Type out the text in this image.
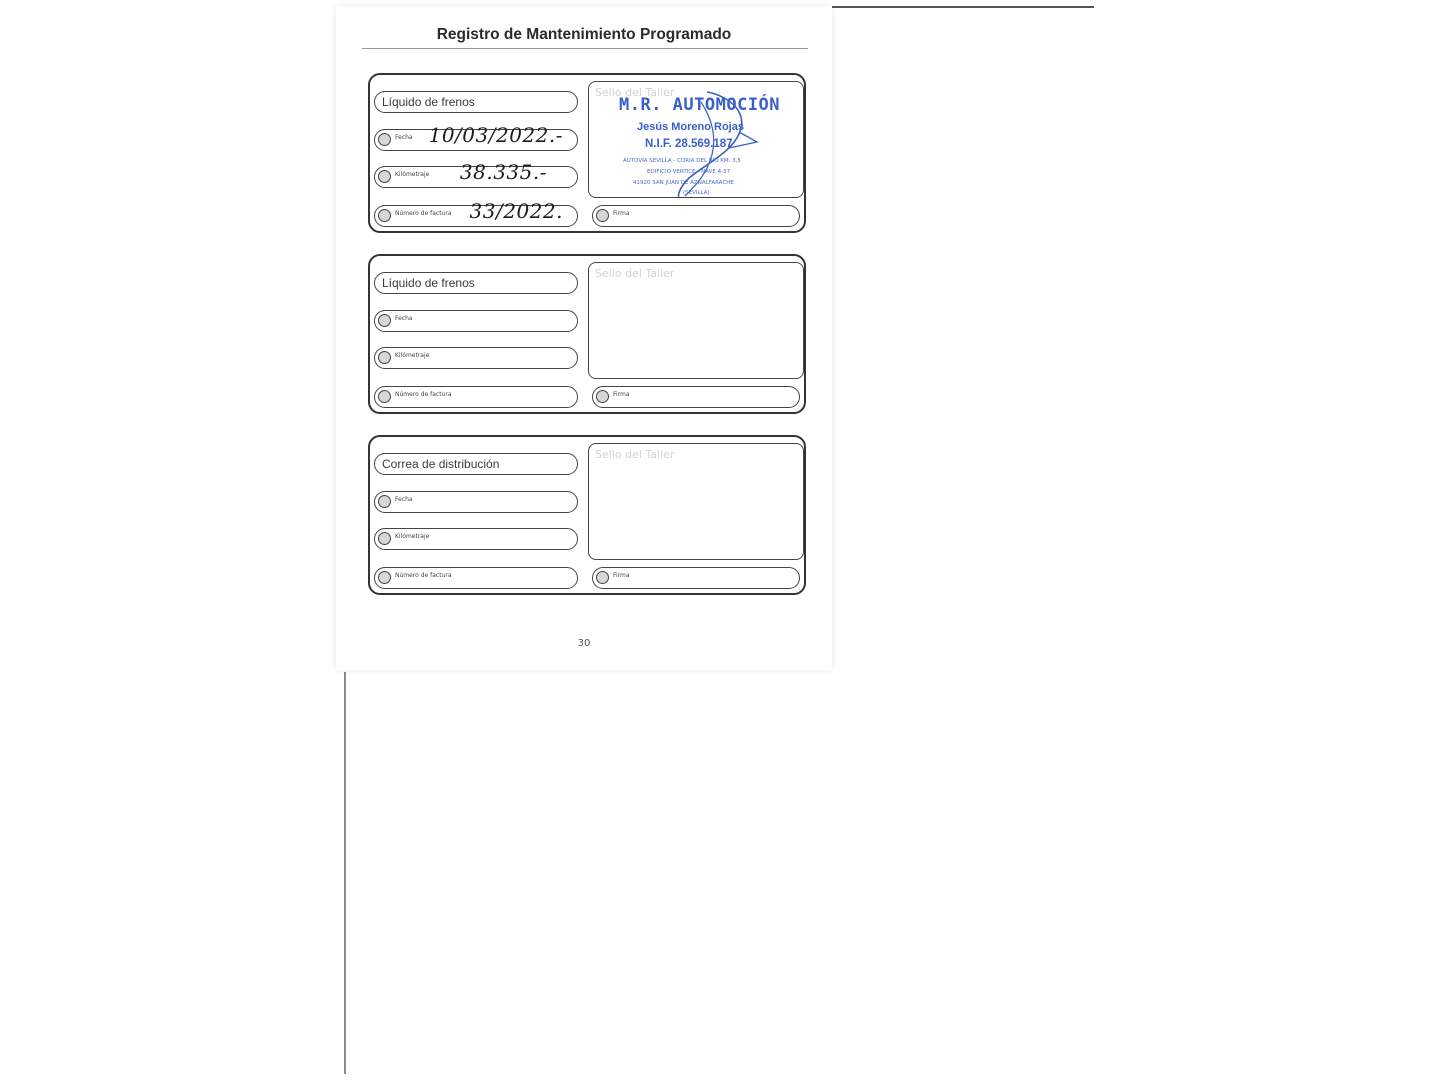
Registro de Mantenimiento Programado
Líquido de frenos
Fecha 10/03/2022.-
Kilómetraje 38.335.-
Número de factura 33/2022.
Sello del Taller
M.R. AUTOMOCIÓN
Jesús Moreno Rojas
N.I.F. 28.569.187
AUTOVÍA SEVILLA - CORIA DEL RÍO KM. 3,5
EDIFICIO VERTICE - NAVE 4-37
41920 SAN JUAN DE AZNALFARACHE
(SEVILLA)
Firma
Líquido de frenos
Fecha
Kilómetraje
Número de factura
Sello del Taller
Firma
Correa de distribución
Fecha
Kilómetraje
Número de factura
Sello del Taller
Firma
30
